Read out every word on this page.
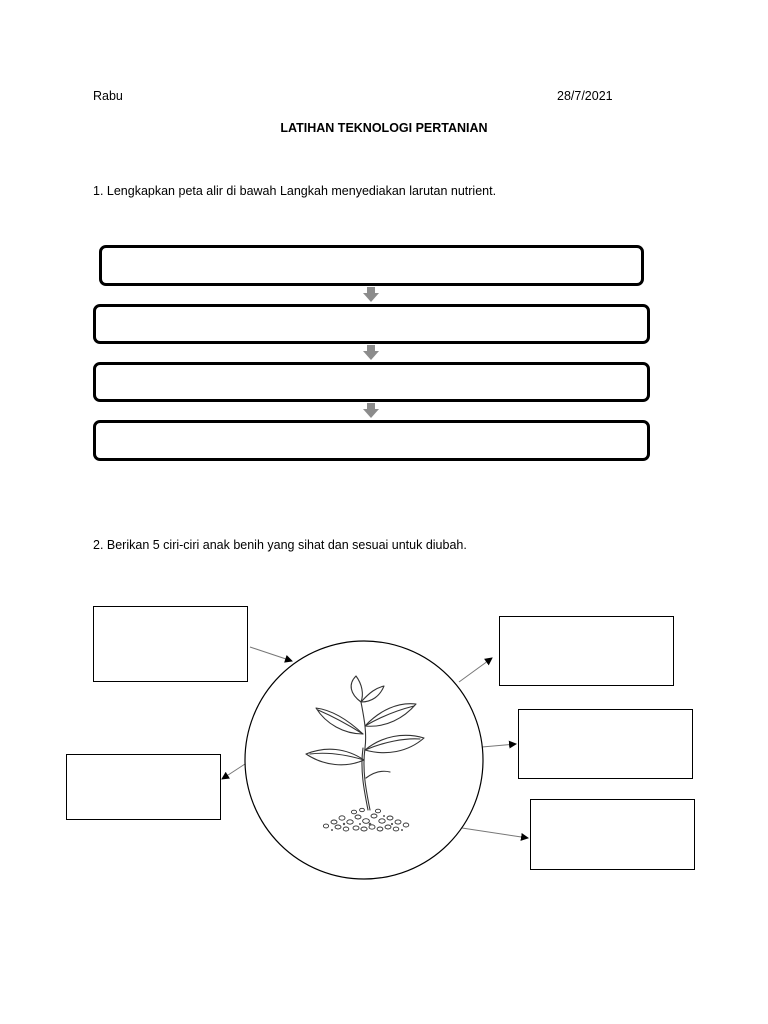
Rabu	28/7/2021
LATIHAN TEKNOLOGI PERTANIAN
1. Lengkapkan peta alir di bawah Langkah menyediakan larutan nutrient.
2. Berikan 5 ciri-ciri anak benih yang sihat dan sesuai untuk diubah.
